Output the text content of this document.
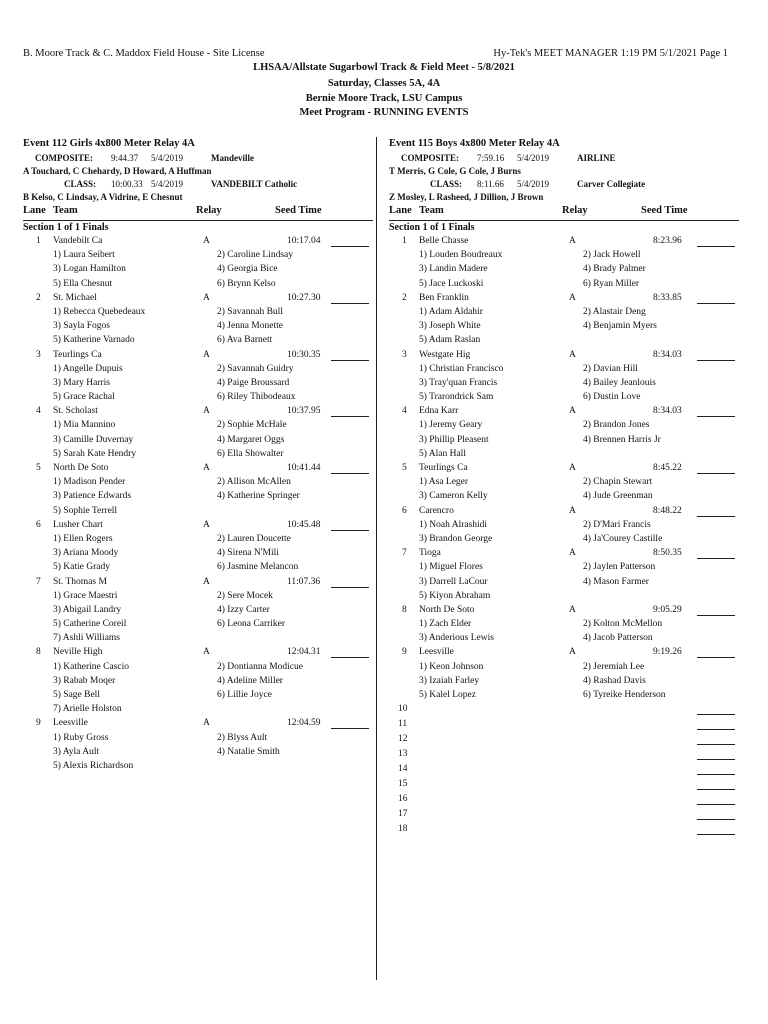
B. Moore Track & C. Maddox Field House - Site License	Hy-Tek's MEET MANAGER 1:19 PM 5/1/2021 Page 1
LHSAA/Allstate Sugarbowl Track & Field Meet - 5/8/2021
Saturday, Classes 5A, 4A
Bernie Moore Track, LSU Campus
Meet Program - RUNNING EVENTS
Event 112 Girls 4x800 Meter Relay 4A
COMPOSITE: 9:44.37 5/4/2019	Mandeville
A Touchard, C Chehardy, D Howard, A Huffman
CLASS: 10:00.33 5/4/2019	VANDEBILT Catholic
B Kelso, C Lindsay, A Vidrine, E Chesnut
Lane Team	Relay	Seed Time
Section 1 of 1 Finals
1 Vandebilt Ca	A	10:17.04
1) Laura Seibert	2) Caroline Lindsay
3) Logan Hamilton	4) Georgia Bice
5) Ella Chesnut	6) Brynn Kelso
2 St. Michael	A	10:27.30
1) Rebecca Quebedeaux	2) Savannah Bull
3) Sayla Fogos	4) Jenna Monette
5) Katherine Varnado	6) Ava Barnett
3 Teurlings Ca	A	10:30.35
1) Angelle Dupuis	2) Savannah Guidry
3) Mary Harris	4) Paige Broussard
5) Grace Rachal	6) Riley Thibodeaux
4 St. Scholast	A	10:37.95
1) Mia Mannino	2) Sophie McHale
3) Camille Duvernay	4) Margaret Oggs
5) Sarah Kate Hendry	6) Ella Showalter
5 North De Soto	A	10:41.44
1) Madison Pender	2) Allison McAllen
3) Patience Edwards	4) Katherine Springer
5) Sophie Terrell
6 Lusher Chart	A	10:45.48
1) Ellen Rogers	2) Lauren Doucette
3) Ariana Moody	4) Sirena N'Mili
5) Katie Grady	6) Jasmine Melancon
7 St. Thomas M	A	11:07.36
1) Grace Maestri	2) Sere Mocek
3) Abigail Landry	4) Izzy Carter
5) Catherine Coreil	6) Leona Carriker
7) Ashli Williams
8 Neville High	A	12:04.31
1) Katherine Cascio	2) Dontianna Modicue
3) Rabab Moqer	4) Adeline Miller
5) Sage Bell	6) Lillie Joyce
7) Arielle Holston
9 Leesville	A	12:04.59
1) Ruby Gross	2) Blyss Ault
3) Ayla Ault	4) Natalie Smith
5) Alexis Richardson
Event 115 Boys 4x800 Meter Relay 4A
COMPOSITE: 7:59.16 5/4/2019	AIRLINE
T Merris, G Cole, G Cole, J Burns
CLASS: 8:11.66 5/4/2019	Carver Collegiate
Z Mosley, L Rasheed, J Dillion, J Brown
Lane Team	Relay	Seed Time
Section 1 of 1 Finals
1 Belle Chasse	A	8:23.96
1) Louden Boudreaux	2) Jack Howell
3) Landin Madere	4) Brady Palmer
5) Jace Luckoski	6) Ryan Miller
2 Ben Franklin	A	8:33.85
1) Adam Aldahir	2) Alastair Deng
3) Joseph White	4) Benjamin Myers
5) Adam Raslan
3 Westgate Hig	A	8:34.03
1) Christian Francisco	2) Davian Hill
3) Tray'quan Francis	4) Bailey Jeanlouis
5) Trarondrick Sam	6) Dustin Love
4 Edna Karr	A	8:34.03
1) Jeremy Geary	2) Brandon Jones
3) Phillip Pleasent	4) Brennen Harris Jr
5) Alan Hall
5 Teurlings Ca	A	8:45.22
1) Asa Leger	2) Chapin Stewart
3) Cameron Kelly	4) Jude Greenman
6 Carencro	A	8:48.22
1) Noah Alrashidi	2) D'Mari Francis
3) Brandon George	4) Ja'Courey Castille
7 Tioga	A	8:50.35
1) Miguel Flores	2) Jaylen Patterson
3) Darrell LaCour	4) Mason Farmer
5) Kiyon Abraham
8 North De Soto	A	9:05.29
1) Zach Elder	2) Kolton McMellon
3) Anderious Lewis	4) Jacob Patterson
9 Leesville	A	9:19.26
1) Keon Johnson	2) Jeremiah Lee
3) Izaiah Farley	4) Rashad Davis
5) Kalel Lopez	6) Tyreike Henderson
10
11
12
13
14
15
16
17
18
